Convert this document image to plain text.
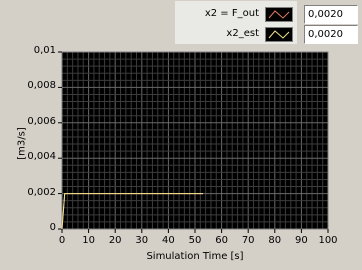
x2 = F_out
x2_est
0,0020
0,0020
[m3/s]
Simulation Time [s]
0
0,002
0,004
0,006
0,008
0,01
0	10	20	30	40	50	60	70	80	90	100
